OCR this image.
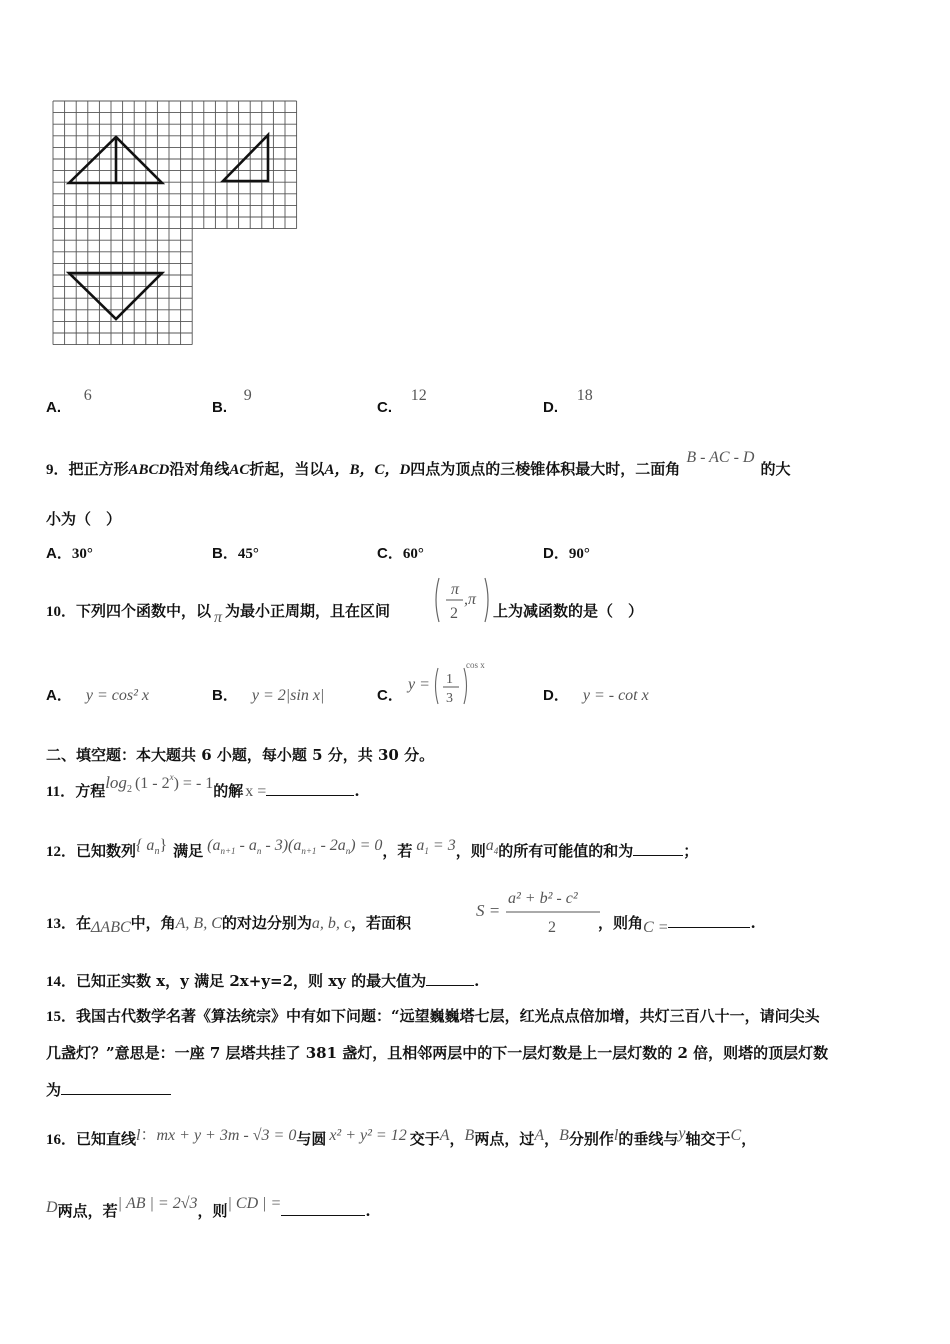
A. 6
B. 9
C. 12
D. 18
9．把正方形ABCD沿对角线AC折起，当以A，B，C，D四点为顶点的三棱锥体积最大时，二面角B - AC - D的大
小为（　）
A．30°	B．45°	C．60°	D．90°
10．下列四个函数中，以 π 为最小正周期，且在区间
π
2
,π
上为减函数的是（　）
A． y = cos² x	B． y = 2|sin x|	C．
y = 1
3
cos x
D． y = - cot x
二、填空题：本大题共 6 小题，每小题 5 分，共 30 分。
11．方程$\log^2 (1 - 2^x)$ = - 1的解 x =	.
12．已知数列{ an} 满足 $(a_{n+1} - a_n - 3)(a_{n+1} - 2a_n) = 0$，若 $a_1 = 3$，则$a_4$的所有可能值的和为	；
13．在ΔABC中，角A, B, C的对边分别为a, b, c，若面积
S =
a² + b² - c²
2	，则角C =	.
14．已知正实数 x，y 满足 2x+y=2，则 xy 的最大值为	.
15．我国古代数学名著《算法统宗》中有如下问题：“远望巍巍塔七层，红光点点倍加增，共灯三百八十一，请问尖头
几盏灯？”意思是：一座 7 层塔共挂了 381 盏灯，且相邻两层中的下一层灯数是上一层灯数的 2 倍，则塔的顶层灯数
为
16．已知直线l：mx + y + 3m - √3 = 0与圆 x² + y² = 12 交于A，B两点，过A，B分别作l的垂线与y轴交于C，
D两点，若| AB | = 2√3，则| CD | =	.
